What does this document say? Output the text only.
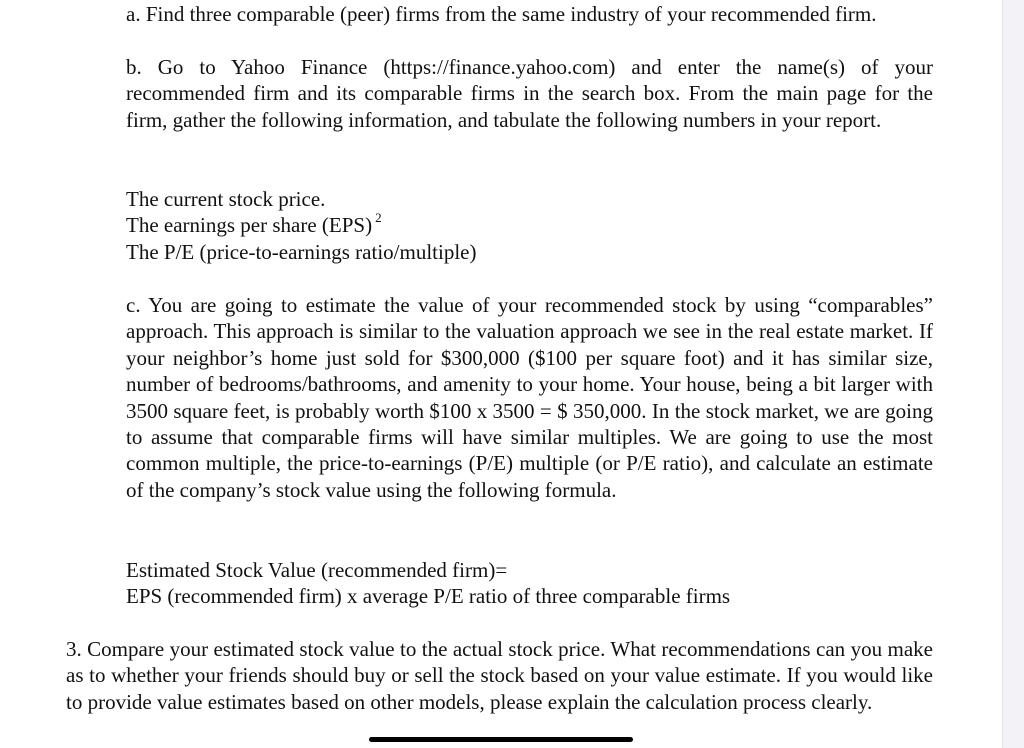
a. Find three comparable (peer) firms from the same industry of your recommended firm.

b. Go to Yahoo Finance (https://finance.yahoo.com) and enter the name(s) of your recommended firm and its comparable firms in the search box. From the main page for the firm, gather the following information, and tabulate the following numbers in your report.

The current stock price.
The earnings per share (EPS) $^2$
The P/E (price-to-earnings ratio/multiple)

c. You are going to estimate the value of your recommended stock by using “comparables” approach. This approach is similar to the valuation approach we see in the real estate market. If your neighbor’s home just sold for $300,000 ($100 per square foot) and it has similar size, number of bedrooms/bathrooms, and amenity to your home. Your house, being a bit larger with 3500 square feet, is probably worth $100 x 3500 = $ 350,000. In the stock market, we are going to assume that comparable firms will have similar multiples. We are going to use the most common multiple, the price-to-earnings (P/E) multiple (or P/E ratio), and calculate an estimate of the company’s stock value using the following formula.

Estimated Stock Value (recommended firm)=
EPS (recommended firm) x average P/E ratio of three comparable firms

3. Compare your estimated stock value to the actual stock price. What recommendations can you make as to whether your friends should buy or sell the stock based on your value estimate. If you would like to provide value estimates based on other models, please explain the calculation process clearly.
